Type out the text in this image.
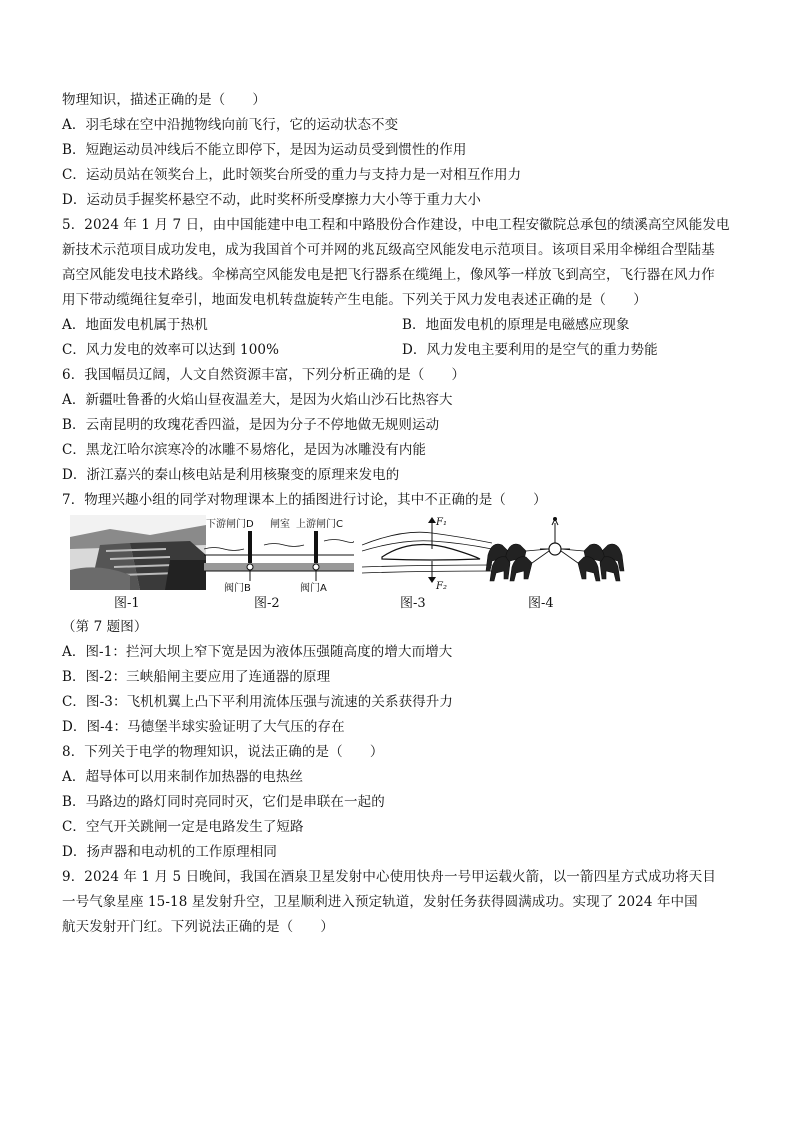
物理知识，描述正确的是（　　）
A．羽毛球在空中沿抛物线向前飞行，它的运动状态不变
B．短跑运动员冲线后不能立即停下，是因为运动员受到惯性的作用
C．运动员站在领奖台上，此时领奖台所受的重力与支持力是一对相互作用力
D．运动员手握奖杯悬空不动，此时奖杯所受摩擦力大小等于重力大小
5．2024 年 1 月 7 日，由中国能建中电工程和中路股份合作建设，中电工程安徽院总承包的绩溪高空风能发电
新技术示范项目成功发电，成为我国首个可并网的兆瓦级高空风能发电示范项目。该项目采用伞梯组合型陆基
高空风能发电技术路线。伞梯高空风能发电是把飞行器系在缆绳上，像风筝一样放飞到高空，飞行器在风力作
用下带动缆绳往复牵引，地面发电机转盘旋转产生电能。下列关于风力发电表述正确的是（　　）
A．地面发电机属于热机	B．地面发电机的原理是电磁感应现象
C．风力发电的效率可以达到 100%	D．风力发电主要利用的是空气的重力势能
6．我国幅员辽阔，人文自然资源丰富，下列分析正确的是（　　）
A．新疆吐鲁番的火焰山昼夜温差大，是因为火焰山沙石比热容大
B．云南昆明的玫瑰花香四溢，是因为分子不停地做无规则运动
C．黑龙江哈尔滨寒冷的冰雕不易熔化，是因为冰雕没有内能
D．浙江嘉兴的秦山核电站是利用核聚变的原理来发电的
7．物理兴趣小组的同学对物理课本上的插图进行讨论，其中不正确的是（　　）
图-1
下游闸门D 闸室 上游闸门C
阀门B	阀门A
图-2
F₁
F₂
图-3	图-4
（第 7 题图）
A．图-1：拦河大坝上窄下宽是因为液体压强随高度的增大而增大
B．图-2：三峡船闸主要应用了连通器的原理
C．图-3：飞机机翼上凸下平利用流体压强与流速的关系获得升力
D．图-4：马德堡半球实验证明了大气压的存在
8．下列关于电学的物理知识，说法正确的是（　　）
A．超导体可以用来制作加热器的电热丝
B．马路边的路灯同时亮同时灭，它们是串联在一起的
C．空气开关跳闸一定是电路发生了短路
D．扬声器和电动机的工作原理相同
9．2024 年 1 月 5 日晚间，我国在酒泉卫星发射中心使用快舟一号甲运载火箭，以一箭四星方式成功将天目
一号气象星座 15-18 星发射升空，卫星顺利进入预定轨道，发射任务获得圆满成功。实现了 2024 年中国
航天发射开门红。下列说法正确的是（　　）
